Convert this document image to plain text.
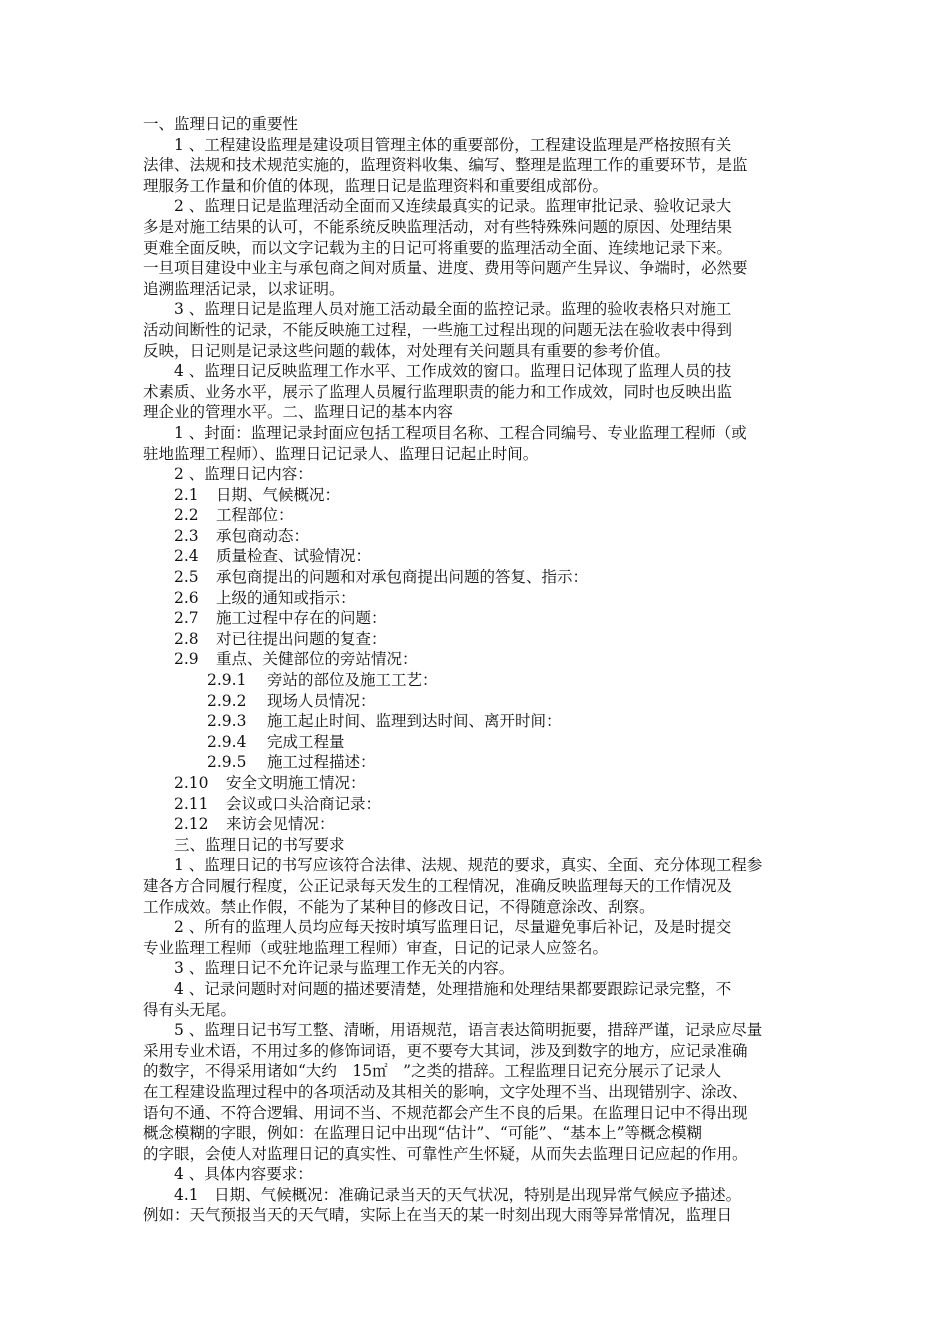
一、监理日记的重要性
1 、工程建设监理是建设项目管理主体的重要部份，工程建设监理是严格按照有关
法律、法规和技术规范实施的，监理资料收集、编写、整理是监理工作的重要环节，是监
理服务工作量和价值的体现，监理日记是监理资料和重要组成部份。
2 、监理日记是监理活动全面而又连续最真实的记录。监理审批记录、验收记录大
多是对施工结果的认可，不能系统反映监理活动，对有些特殊殊问题的原因、处理结果
更难全面反映，而以文字记载为主的日记可将重要的监理活动全面、连续地记录下来。
一旦项目建设中业主与承包商之间对质量、进度、费用等问题产生异议、争端时，必然要
追溯监理活记录，以求证明。
3 、监理日记是监理人员对施工活动最全面的监控记录。监理的验收表格只对施工
活动间断性的记录，不能反映施工过程，一些施工过程出现的问题无法在验收表中得到
反映，日记则是记录这些问题的载体，对处理有关问题具有重要的参考价值。
4 、监理日记反映监理工作水平、工作成效的窗口。监理日记体现了监理人员的技
术素质、业务水平，展示了监理人员履行监理职责的能力和工作成效，同时也反映出监
理企业的管理水平。二、监理日记的基本内容
1 、封面：监理记录封面应包括工程项目名称、工程合同编号、专业监理工程师（或
驻地监理工程师）、监理日记记录人、监理日记起止时间。
2 、监理日记内容：
2.1	日期、气候概况：
2.2	工程部位：
2.3	承包商动态：
2.4	质量检查、试验情况：
2.5	承包商提出的问题和对承包商提出问题的答复、指示：
2.6	上级的通知或指示：
2.7	施工过程中存在的问题：
2.8	对已往提出问题的复查：
2.9	重点、关健部位的旁站情况：
2.9.1	旁站的部位及施工工艺：
2.9.2	现场人员情况：
2.9.3	施工起止时间、监理到达时间、离开时间：
2.9.4	完成工程量
2.9.5	施工过程描述：
2.10	安全文明施工情况：
2.11	会议或口头洽商记录：
2.12	来访会见情况：
三、监理日记的书写要求
1 、监理日记的书写应该符合法律、法规、规范的要求，真实、全面、充分体现工程参
建各方合同履行程度，公正记录每天发生的工程情况，准确反映监理每天的工作情况及
工作成效。禁止作假，不能为了某种目的修改日记，不得随意涂改、刮察。
2 、所有的监理人员均应每天按时填写监理日记，尽量避免事后补记，及是时提交
专业监理工程师（或驻地监理工程师）审查，日记的记录人应签名。
3 、监理日记不允许记录与监理工作无关的内容。
4 、记录问题时对问题的描述要清楚，处理措施和处理结果都要跟踪记录完整，不
得有头无尾。
5 、监理日记书写工整、清晰，用语规范，语言表达简明扼要，措辞严谨，记录应尽量
采用专业术语，不用过多的修饰词语，更不要夸大其词，涉及到数字的地方，应记录准确
的数字，不得采用诸如“大约　15㎡　”之类的措辞。工程监理日记充分展示了记录人
在工程建设监理过程中的各项活动及其相关的影响，文字处理不当、出现错别字、涂改、
语句不通、不符合逻辑、用词不当、不规范都会产生不良的后果。在监理日记中不得出现
概念模糊的字眼，例如：在监理日记中出现“估计”、“可能”、“基本上”等概念模糊
的字眼，会使人对监理日记的真实性、可靠性产生怀疑，从而失去监理日记应起的作用。
4 、具体内容要求：
4.1　日期、气候概况：准确记录当天的天气状况，特别是出现异常气候应予描述。
例如：天气预报当天的天气晴，实际上在当天的某一时刻出现大雨等异常情况，监理日
